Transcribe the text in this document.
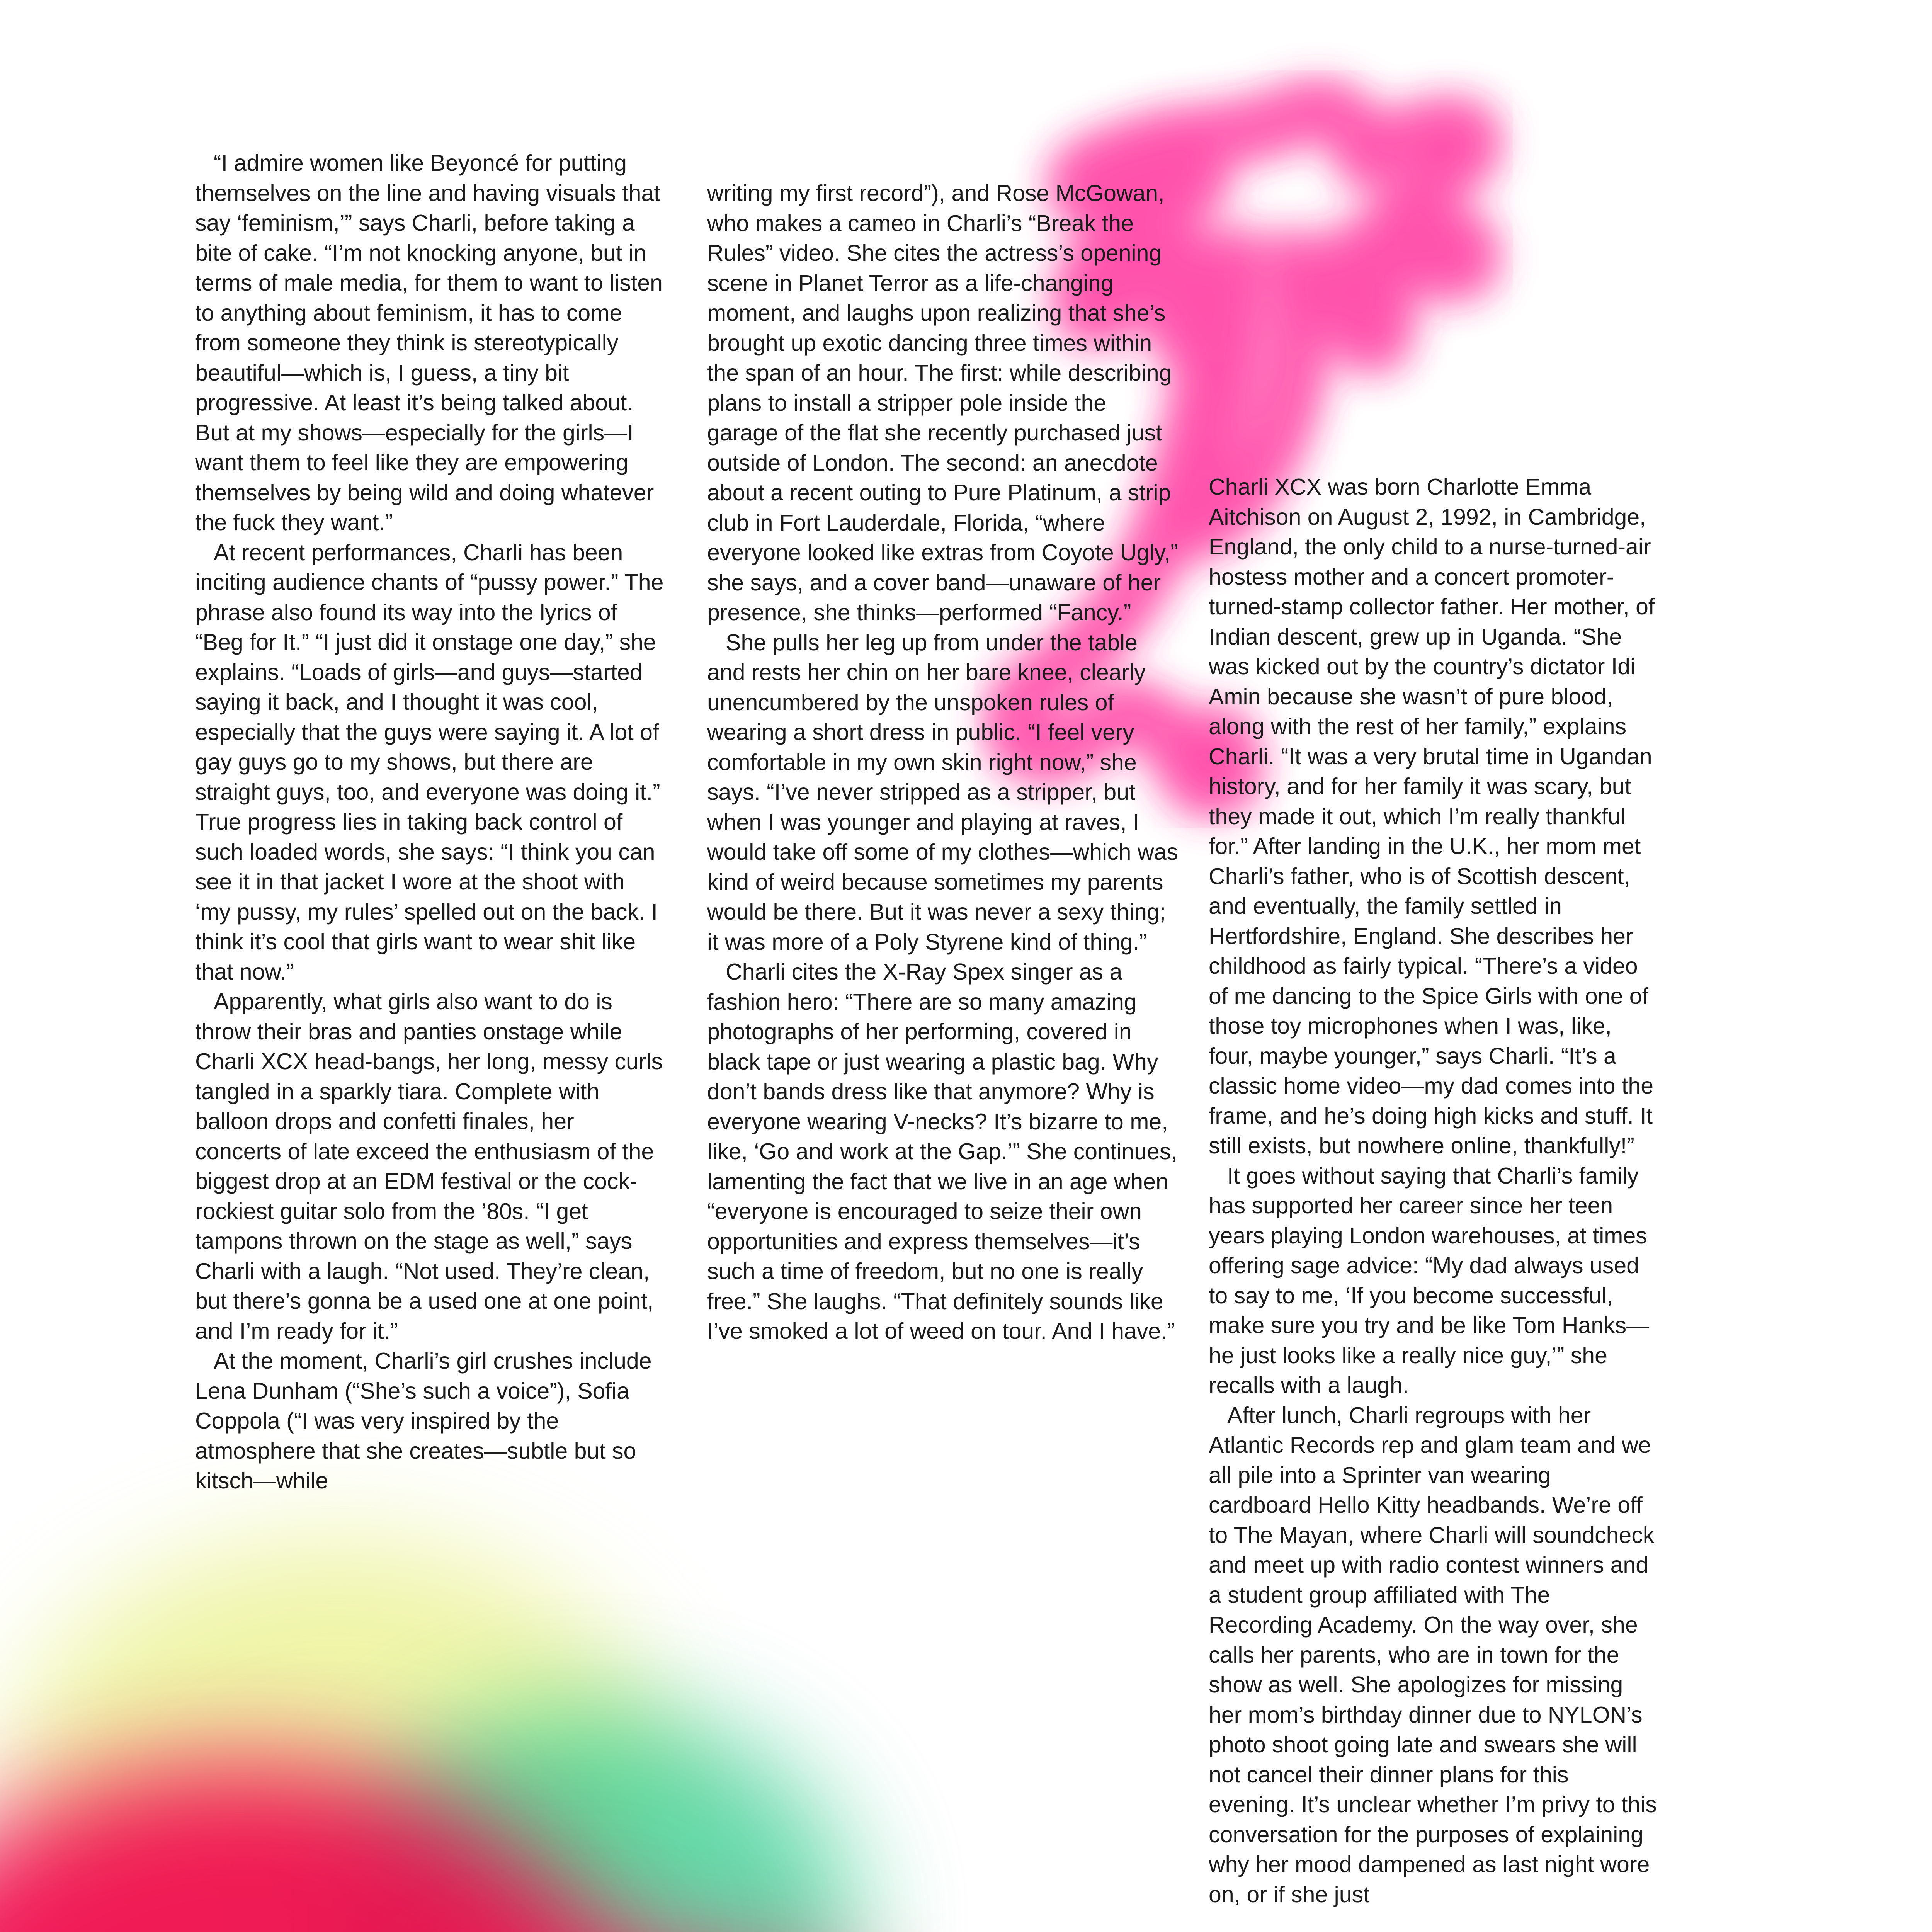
“I admire women like Beyoncé for putting themselves on the line and having visuals that say ‘feminism,’” says Charli, before taking a bite of cake. “I’m not knocking anyone, but in terms of male media, for them to want to listen to anything about feminism, it has to come from someone they think is stereotypically beautiful—which is, I guess, a tiny bit progressive. At least it’s being talked about. But at my shows—especially for the girls—I want them to feel like they are empowering themselves by being wild and doing whatever the fuck they want.”

At recent performances, Charli has been inciting audience chants of “pussy power.” The phrase also found its way into the lyrics of “Beg for It.” “I just did it onstage one day,” she explains. “Loads of girls—and guys—started saying it back, and I thought it was cool, especially that the guys were saying it. A lot of gay guys go to my shows, but there are straight guys, too, and everyone was doing it.” True progress lies in taking back control of such loaded words, she says: “I think you can see it in that jacket I wore at the shoot with ‘my pussy, my rules’ spelled out on the back. I think it’s cool that girls want to wear shit like that now.”

Apparently, what girls also want to do is throw their bras and panties onstage while Charli XCX head-bangs, her long, messy curls tangled in a sparkly tiara. Complete with balloon drops and confetti finales, her concerts of late exceed the enthusiasm of the biggest drop at an EDM festival or the cock-rockiest guitar solo from the ’80s. “I get tampons thrown on the stage as well,” says Charli with a laugh. “Not used. They’re clean, but there’s gonna be a used one at one point, and I’m ready for it.”

At the moment, Charli’s girl crushes include Lena Dunham (“She’s such a voice”), Sofia Coppola (“I was very inspired by the atmosphere that she creates—subtle but so kitsch—while

writing my first record”), and Rose McGowan, who makes a cameo in Charli’s “Break the Rules” video. She cites the actress’s opening scene in Planet Terror as a life-changing moment, and laughs upon realizing that she’s brought up exotic dancing three times within the span of an hour. The first: while describing plans to install a stripper pole inside the garage of the flat she recently purchased just outside of London. The second: an anecdote about a recent outing to Pure Platinum, a strip club in Fort Lauderdale, Florida, “where everyone looked like extras from Coyote Ugly,” she says, and a cover band—unaware of her presence, she thinks—performed “Fancy.”

She pulls her leg up from under the table and rests her chin on her bare knee, clearly unencumbered by the unspoken rules of wearing a short dress in public. “I feel very comfortable in my own skin right now,” she says. “I’ve never stripped as a stripper, but when I was younger and playing at raves, I would take off some of my clothes—which was kind of weird because sometimes my parents would be there. But it was never a sexy thing; it was more of a Poly Styrene kind of thing.”

Charli cites the X-Ray Spex singer as a fashion hero: “There are so many amazing photographs of her performing, covered in black tape or just wearing a plastic bag. Why don’t bands dress like that anymore? Why is everyone wearing V-necks? It’s bizarre to me, like, ‘Go and work at the Gap.’” She continues, lamenting the fact that we live in an age when “everyone is encouraged to seize their own opportunities and express themselves—it’s such a time of freedom, but no one is really free.” She laughs. “That definitely sounds like I’ve smoked a lot of weed on tour. And I have.”

Charli XCX was born Charlotte Emma Aitchison on August 2, 1992, in Cambridge, England, the only child to a nurse-turned-air hostess mother and a concert promoter-turned-stamp collector father. Her mother, of Indian descent, grew up in Uganda. “She was kicked out by the country’s dictator Idi Amin because she wasn’t of pure blood, along with the rest of her family,” explains Charli. “It was a very brutal time in Ugandan history, and for her family it was scary, but they made it out, which I’m really thankful for.” After landing in the U.K., her mom met Charli’s father, who is of Scottish descent, and eventually, the family settled in Hertfordshire, England. She describes her childhood as fairly typical. “There’s a video of me dancing to the Spice Girls with one of those toy microphones when I was, like, four, maybe younger,” says Charli. “It’s a classic home video—my dad comes into the frame, and he’s doing high kicks and stuff. It still exists, but nowhere online, thankfully!”

It goes without saying that Charli’s family has supported her career since her teen years playing London warehouses, at times offering sage advice: “My dad always used to say to me, ‘If you become successful, make sure you try and be like Tom Hanks—he just looks like a really nice guy,’” she recalls with a laugh.

After lunch, Charli regroups with her Atlantic Records rep and glam team and we all pile into a Sprinter van wearing cardboard Hello Kitty headbands. We’re off to The Mayan, where Charli will soundcheck and meet up with radio contest winners and a student group affiliated with The Recording Academy. On the way over, she calls her parents, who are in town for the show as well. She apologizes for missing her mom’s birthday dinner due to NYLON’s photo shoot going late and swears she will not cancel their dinner plans for this evening. It’s unclear whether I’m privy to this conversation for the purposes of explaining why her mood dampened as last night wore on, or if she just
